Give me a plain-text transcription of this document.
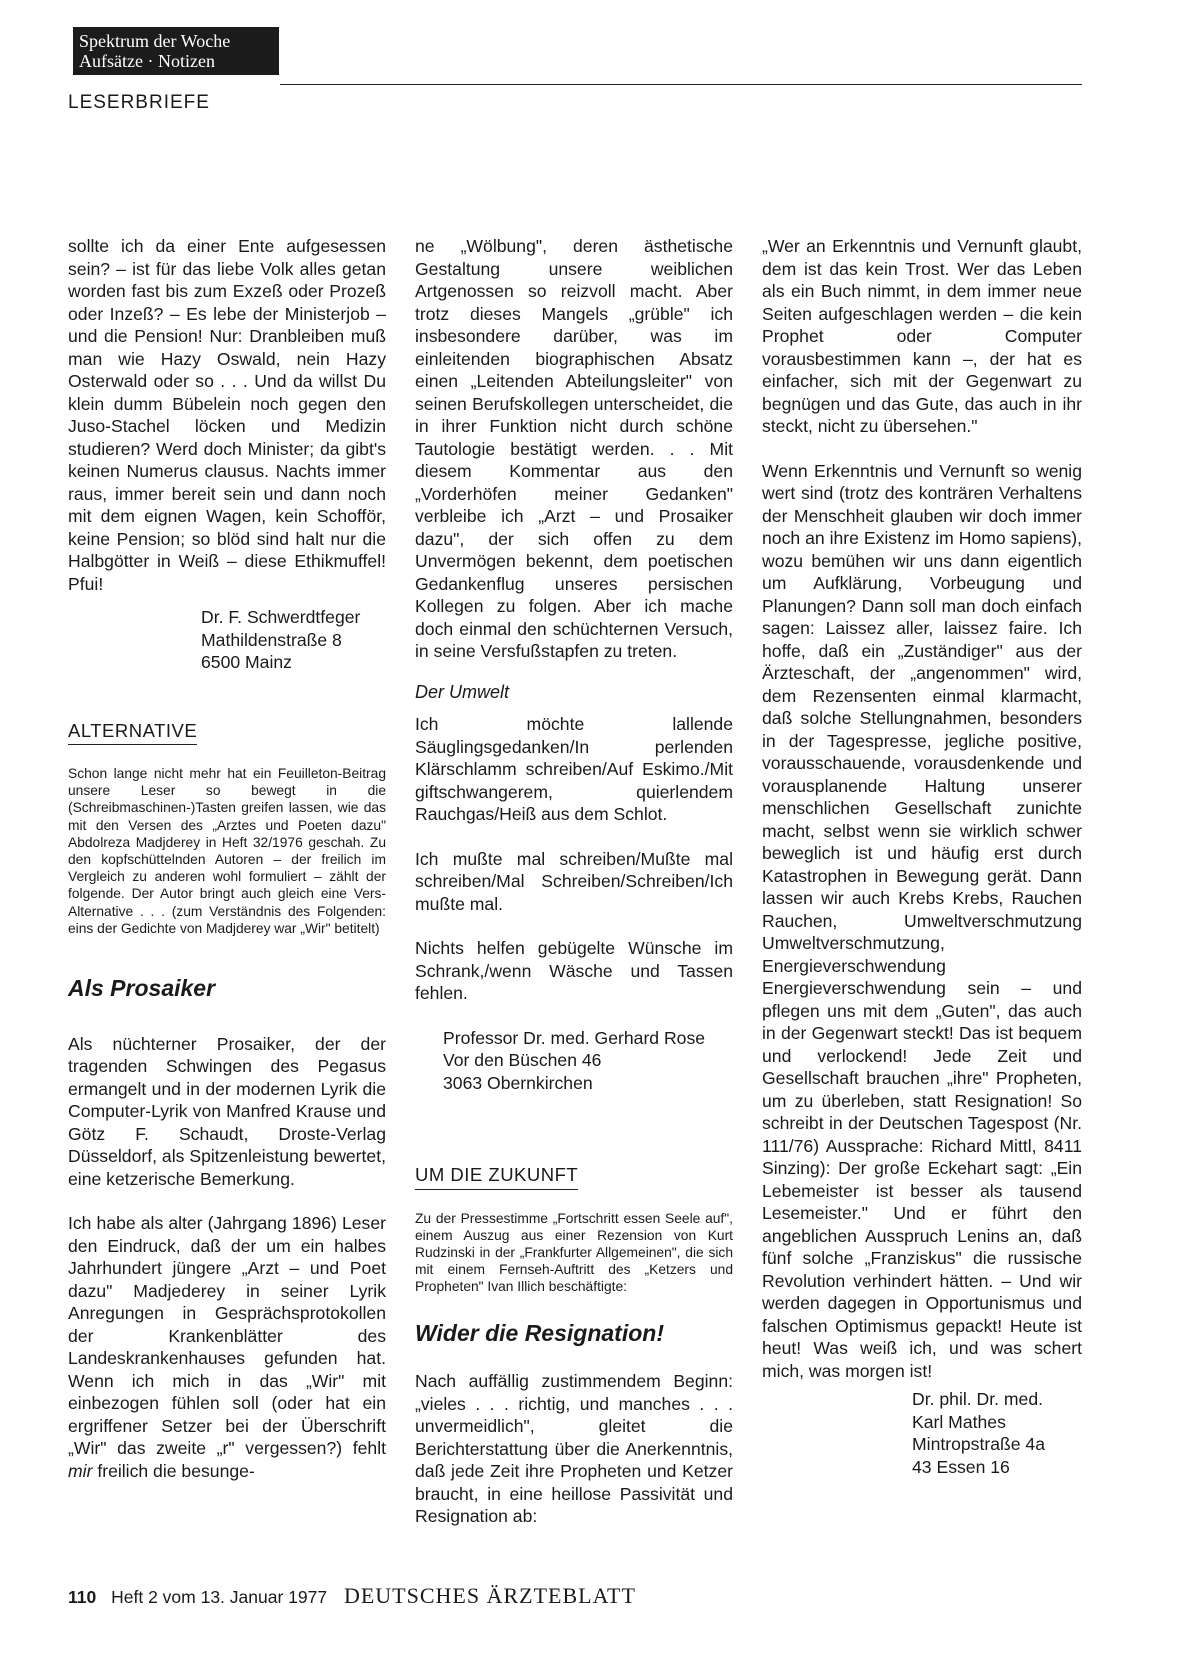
Spektrum der Woche
Aufsätze · Notizen
LESERBRIEFE

sollte ich da einer Ente aufgesessen sein? – ist für das liebe Volk alles getan worden fast bis zum Exzeß oder Prozeß oder Inzeß? – Es lebe der Ministerjob – und die Pension! Nur: Dranbleiben muß man wie Hazy Oswald, nein Hazy Osterwald oder so . . . Und da willst Du klein dumm Bübelein noch gegen den Juso-Stachel löcken und Medizin studieren? Werd doch Minister; da gibt's keinen Numerus clausus. Nachts immer raus, immer bereit sein und dann noch mit dem eignen Wagen, kein Schofför, keine Pension; so blöd sind halt nur die Halbgötter in Weiß – diese Ethikmuffel! Pfui!

Dr. F. Schwerdtfeger
Mathildenstraße 8
6500 Mainz
ALTERNATIVE
Schon lange nicht mehr hat ein Feuilleton-Beitrag unsere Leser so bewegt in die (Schreibmaschinen-)Tasten greifen lassen, wie das mit den Versen des „Arztes und Poeten dazu" Abdolreza Madjderey in Heft 32/1976 geschah. Zu den kopfschüttelnden Autoren – der freilich im Vergleich zu anderen wohl formuliert – zählt der folgende. Der Autor bringt auch gleich eine Vers-Alternative . . . (zum Verständnis des Folgenden: eins der Gedichte von Madjderey war „Wir" betitelt)
Als Prosaiker

Als nüchterner Prosaiker, der der tragenden Schwingen des Pegasus ermangelt und in der modernen Lyrik die Computer-Lyrik von Manfred Krause und Götz F. Schaudt, Droste-Verlag Düsseldorf, als Spitzenleistung bewertet, eine ketzerische Bemerkung.

Ich habe als alter (Jahrgang 1896) Leser den Eindruck, daß der um ein halbes Jahrhundert jüngere „Arzt – und Poet dazu" Madjederey in seiner Lyrik Anregungen in Gesprächsprotokollen der Krankenblätter des Landeskrankenhauses gefunden hat. Wenn ich mich in das „Wir" mit einbezogen fühlen soll (oder hat ein ergriffener Setzer bei der Überschrift „Wir" das zweite „r" vergessen?) fehlt mir freilich die besunge-

ne „Wölbung", deren ästhetische Gestaltung unsere weiblichen Artgenossen so reizvoll macht. Aber trotz dieses Mangels „grüble" ich insbesondere darüber, was im einleitenden biographischen Absatz einen „Leitenden Abteilungsleiter" von seinen Berufskollegen unterscheidet, die in ihrer Funktion nicht durch schöne Tautologie bestätigt werden. . . Mit diesem Kommentar aus den „Vorderhöfen meiner Gedanken" verbleibe ich „Arzt – und Prosaiker dazu", der sich offen zu dem Unvermögen bekennt, dem poetischen Gedankenflug unseres persischen Kollegen zu folgen. Aber ich mache doch einmal den schüchternen Versuch, in seine Versfußstapfen zu treten.

Der Umwelt

Ich möchte lallende Säuglingsgedanken/In perlenden Klärschlamm schreiben/Auf Eskimo./Mit giftschwangerem, quierlendem Rauchgas/Heiß aus dem Schlot.

Ich mußte mal schreiben/Mußte mal schreiben/Mal Schreiben/Schreiben/Ich mußte mal.

Nichts helfen gebügelte Wünsche im Schrank,/wenn Wäsche und Tassen fehlen.

Professor Dr. med. Gerhard Rose
Vor den Büschen 46
3063 Obernkirchen
UM DIE ZUKUNFT
Zu der Pressestimme „Fortschritt essen Seele auf", einem Auszug aus einer Rezension von Kurt Rudzinski in der „Frankfurter Allgemeinen", die sich mit einem Fernseh-Auftritt des „Ketzers und Propheten" Ivan Illich beschäftigte:
Wider die Resignation!

Nach auffällig zustimmendem Beginn: „vieles . . . richtig, und manches . . . unvermeidlich", gleitet die Berichterstattung über die Anerkenntnis, daß jede Zeit ihre Propheten und Ketzer braucht, in eine heillose Passivität und Resignation ab:

„Wer an Erkenntnis und Vernunft glaubt, dem ist das kein Trost. Wer das Leben als ein Buch nimmt, in dem immer neue Seiten aufgeschlagen werden – die kein Prophet oder Computer vorausbestimmen kann –, der hat es einfacher, sich mit der Gegenwart zu begnügen und das Gute, das auch in ihr steckt, nicht zu übersehen."

Wenn Erkenntnis und Vernunft so wenig wert sind (trotz des konträren Verhaltens der Menschheit glauben wir doch immer noch an ihre Existenz im Homo sapiens), wozu bemühen wir uns dann eigentlich um Aufklärung, Vorbeugung und Planungen? Dann soll man doch einfach sagen: Laissez aller, laissez faire. Ich hoffe, daß ein „Zuständiger" aus der Ärzteschaft, der „angenommen" wird, dem Rezensenten einmal klarmacht, daß solche Stellungnahmen, besonders in der Tagespresse, jegliche positive, vorausschauende, vorausdenkende und vorausplanende Haltung unserer menschlichen Gesellschaft zunichte macht, selbst wenn sie wirklich schwer beweglich ist und häufig erst durch Katastrophen in Bewegung gerät. Dann lassen wir auch Krebs Krebs, Rauchen Rauchen, Umweltverschmutzung Umweltverschmutzung, Energieverschwendung Energieverschwendung sein – und pflegen uns mit dem „Guten", das auch in der Gegenwart steckt! Das ist bequem und verlockend! Jede Zeit und Gesellschaft brauchen „ihre" Propheten, um zu überleben, statt Resignation! So schreibt in der Deutschen Tagespost (Nr. 111/76) Aussprache: Richard Mittl, 8411 Sinzing): Der große Eckehart sagt: „Ein Lebemeister ist besser als tausend Lesemeister." Und er führt den angeblichen Ausspruch Lenins an, daß fünf solche „Franziskus" die russische Revolution verhindert hätten. – Und wir werden dagegen in Opportunismus und falschen Optimismus gepackt! Heute ist heut! Was weiß ich, und was schert mich, was morgen ist!

Dr. phil. Dr. med.
Karl Mathes
Mintropstraße 4a
43 Essen 16
110 Heft 2 vom 13. Januar 1977 DEUTSCHES ÄRZTEBLATT
